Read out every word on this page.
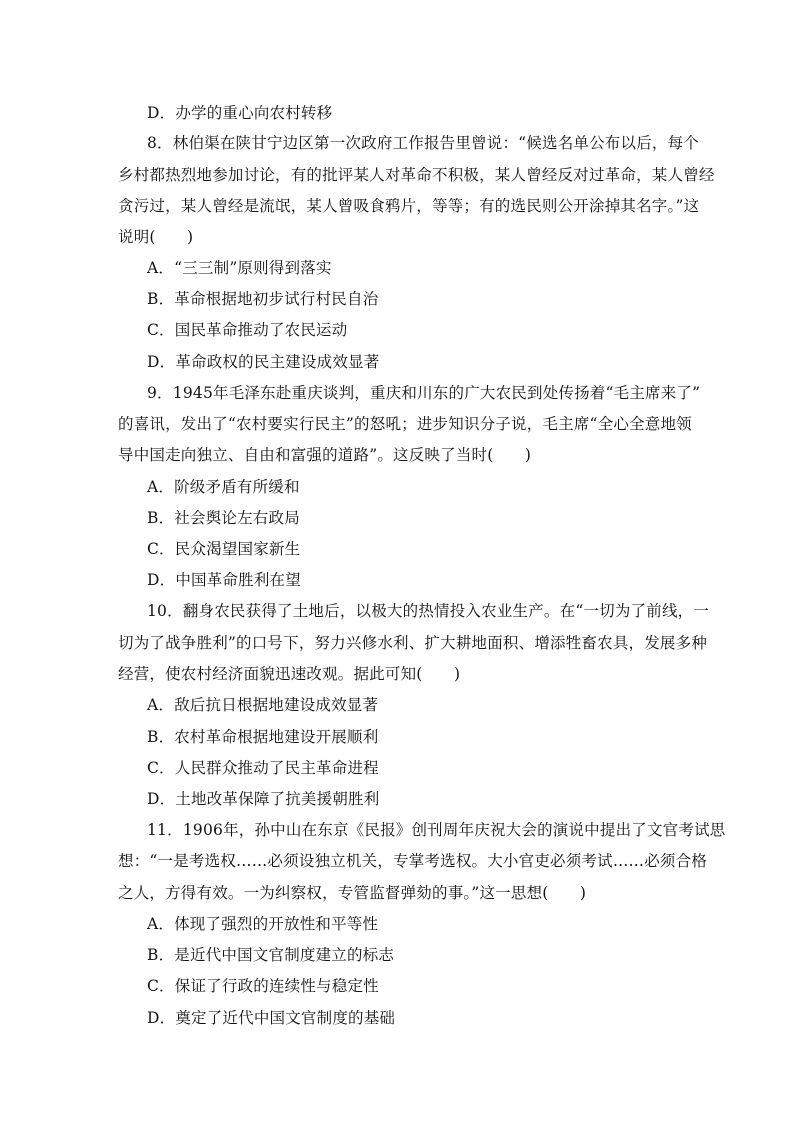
D．办学的重心向农村转移
8．林伯渠在陕甘宁边区第一次政府工作报告里曾说：“候选名单公布以后，每个
乡村都热烈地参加讨论，有的批评某人对革命不积极，某人曾经反对过革命，某人曾经
贪污过，某人曾经是流氓，某人曾吸食鸦片，等等；有的选民则公开涂掉其名字。”这
说明(　　)
A．“三三制”原则得到落实
B．革命根据地初步试行村民自治
C．国民革命推动了农民运动
D．革命政权的民主建设成效显著
9．1945年毛泽东赴重庆谈判，重庆和川东的广大农民到处传扬着“毛主席来了”
的喜讯，发出了“农村要实行民主”的怒吼；进步知识分子说，毛主席“全心全意地领
导中国走向独立、自由和富强的道路”。这反映了当时(　　)
A．阶级矛盾有所缓和
B．社会舆论左右政局
C．民众渴望国家新生
D．中国革命胜利在望
10．翻身农民获得了土地后，以极大的热情投入农业生产。在“一切为了前线，一
切为了战争胜利”的口号下，努力兴修水利、扩大耕地面积、增添牲畜农具，发展多种
经营，使农村经济面貌迅速改观。据此可知(　　)
A．敌后抗日根据地建设成效显著
B．农村革命根据地建设开展顺利
C．人民群众推动了民主革命进程
D．土地改革保障了抗美援朝胜利
11．1906年，孙中山在东京《民报》创刊周年庆祝大会的演说中提出了文官考试思
想：“一是考选权……必须设独立机关，专掌考选权。大小官吏必须考试……必须合格
之人，方得有效。一为纠察权，专管监督弹劾的事。”这一思想(　　)
A．体现了强烈的开放性和平等性
B．是近代中国文官制度建立的标志
C．保证了行政的连续性与稳定性
D．奠定了近代中国文官制度的基础
